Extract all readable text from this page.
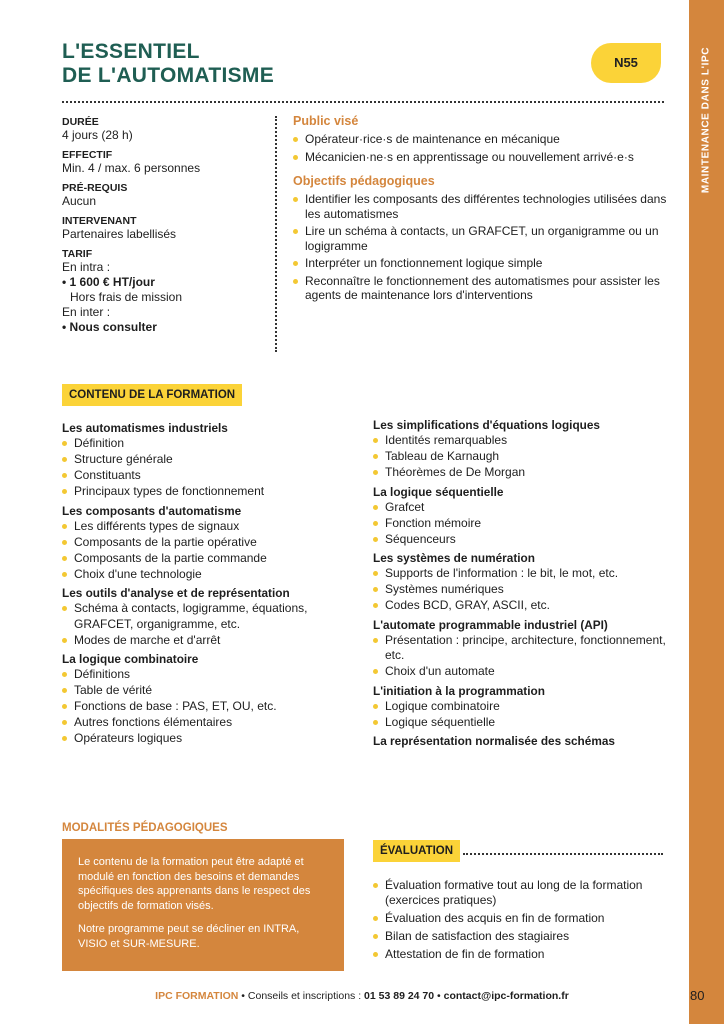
MAINTENANCE DANS L'IPC
L'ESSENTIEL
DE L'AUTOMATISME
N55
DURÉE
4 jours (28 h)
EFFECTIF
Min. 4 / max. 6 personnes
PRÉ-REQUIS
Aucun
INTERVENANT
Partenaires labellisés
TARIF
En intra :
• 1 600 € HT/jour
Hors frais de mission
En inter :
• Nous consulter
Public visé
Opérateur·rice·s de maintenance en mécanique
Mécanicien·ne·s en apprentissage ou nouvellement arrivé·e·s
Objectifs pédagogiques
Identifier les composants des différentes technologies utilisées dans les automatismes
Lire un schéma à contacts, un GRAFCET, un organigramme ou un logigramme
Interpréter un fonctionnement logique simple
Reconnaître le fonctionnement des automatismes pour assister les agents de maintenance lors d'interventions
CONTENU DE LA FORMATION
Les automatismes industriels
Définition
Structure générale
Constituants
Principaux types de fonctionnement
Les composants d'automatisme
Les différents types de signaux
Composants de la partie opérative
Composants de la partie commande
Choix d'une technologie
Les outils d'analyse et de représentation
Schéma à contacts, logigramme, équations, GRAFCET, organigramme, etc.
Modes de marche et d'arrêt
La logique combinatoire
Définitions
Table de vérité
Fonctions de base : PAS, ET, OU, etc.
Autres fonctions élémentaires
Opérateurs logiques
Les simplifications d'équations logiques
Identités remarquables
Tableau de Karnaugh
Théorèmes de De Morgan
La logique séquentielle
Grafcet
Fonction mémoire
Séquenceurs
Les systèmes de numération
Supports de l'information : le bit, le mot, etc.
Systèmes numériques
Codes BCD, GRAY, ASCII, etc.
L'automate programmable industriel (API)
Présentation : principe, architecture, fonctionnement, etc.
Choix d'un automate
L'initiation à la programmation
Logique combinatoire
Logique séquentielle
La représentation normalisée des schémas
MODALITÉS PÉDAGOGIQUES

Le contenu de la formation peut être adapté et modulé en fonction des besoins et demandes spécifiques des apprenants dans le respect des objectifs de formation visés.

Notre programme peut se décliner en INTRA, VISIO et SUR-MESURE.

ÉVALUATION
Évaluation formative tout au long de la formation (exercices pratiques)
Évaluation des acquis en fin de formation
Bilan de satisfaction des stagiaires
Attestation de fin de formation
IPC FORMATION • Conseils et inscriptions : 01 53 89 24 70 • contact@ipc-formation.fr	80
